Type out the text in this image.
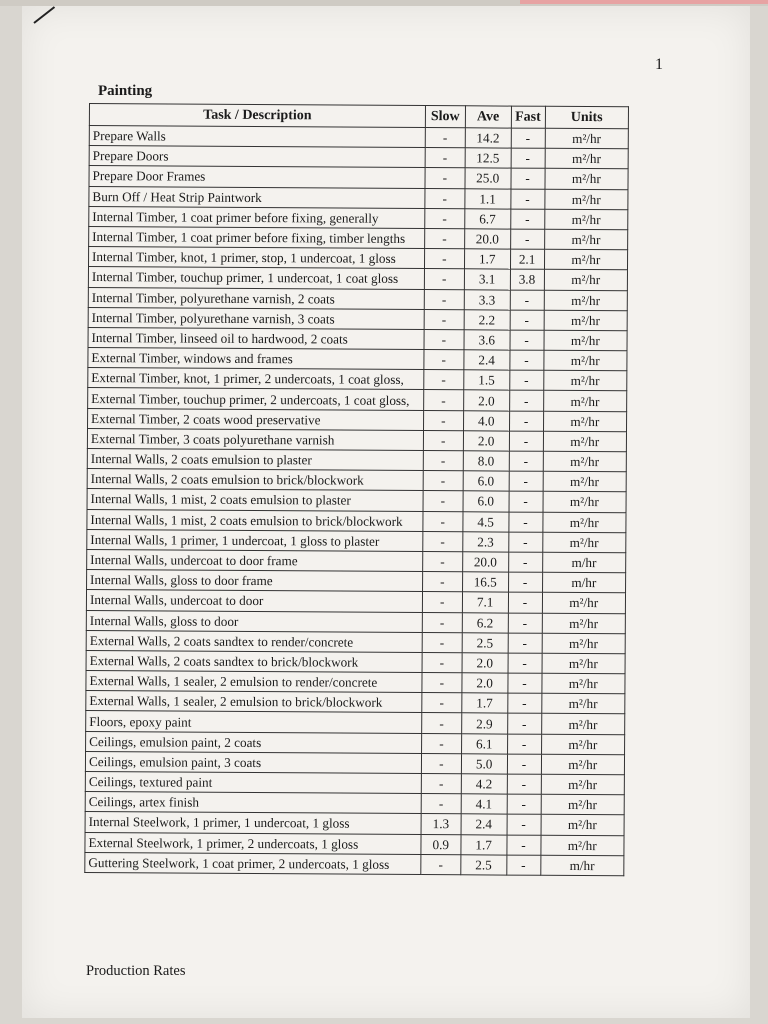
1
Painting
Task / Description	Slow	Ave	Fast	Units
Prepare Walls	-	14.2	-	m²/hr
Prepare Doors	-	12.5	-	m²/hr
Prepare Door Frames	-	25.0	-	m²/hr
Burn Off / Heat Strip Paintwork	-	1.1	-	m²/hr
Internal Timber, 1 coat primer before fixing, generally	-	6.7	-	m²/hr
Internal Timber, 1 coat primer before fixing, timber lengths	-	20.0	-	m²/hr
Internal Timber, knot, 1 primer, stop, 1 undercoat, 1 gloss	-	1.7	2.1	m²/hr
Internal Timber, touchup primer, 1 undercoat, 1 coat gloss	-	3.1	3.8	m²/hr
Internal Timber, polyurethane varnish, 2 coats	-	3.3	-	m²/hr
Internal Timber, polyurethane varnish, 3 coats	-	2.2	-	m²/hr
Internal Timber, linseed oil to hardwood, 2 coats	-	3.6	-	m²/hr
External Timber, windows and frames	-	2.4	-	m²/hr
External Timber, knot, 1 primer, 2 undercoats, 1 coat gloss,	-	1.5	-	m²/hr
External Timber, touchup primer, 2 undercoats, 1 coat gloss,	-	2.0	-	m²/hr
External Timber, 2 coats wood preservative	-	4.0	-	m²/hr
External Timber, 3 coats polyurethane varnish	-	2.0	-	m²/hr
Internal Walls, 2 coats emulsion to plaster	-	8.0	-	m²/hr
Internal Walls, 2 coats emulsion to brick/blockwork	-	6.0	-	m²/hr
Internal Walls, 1 mist, 2 coats emulsion to plaster	-	6.0	-	m²/hr
Internal Walls, 1 mist, 2 coats emulsion to brick/blockwork	-	4.5	-	m²/hr
Internal Walls, 1 primer, 1 undercoat, 1 gloss to plaster	-	2.3	-	m²/hr
Internal Walls, undercoat to door frame	-	20.0	-	m/hr
Internal Walls, gloss to door frame	-	16.5	-	m/hr
Internal Walls, undercoat to door	-	7.1	-	m²/hr
Internal Walls, gloss to door	-	6.2	-	m²/hr
External Walls, 2 coats sandtex to render/concrete	-	2.5	-	m²/hr
External Walls, 2 coats sandtex to brick/blockwork	-	2.0	-	m²/hr
External Walls, 1 sealer, 2 emulsion to render/concrete	-	2.0	-	m²/hr
External Walls, 1 sealer, 2 emulsion to brick/blockwork	-	1.7	-	m²/hr
Floors, epoxy paint	-	2.9	-	m²/hr
Ceilings, emulsion paint, 2 coats	-	6.1	-	m²/hr
Ceilings, emulsion paint, 3 coats	-	5.0	-	m²/hr
Ceilings, textured paint	-	4.2	-	m²/hr
Ceilings, artex finish	-	4.1	-	m²/hr
Internal Steelwork, 1 primer, 1 undercoat, 1 gloss	1.3	2.4	-	m²/hr
External Steelwork, 1 primer, 2 undercoats, 1 gloss	0.9	1.7	-	m²/hr
Guttering Steelwork, 1 coat primer, 2 undercoats, 1 gloss	-	2.5	-	m/hr
Production Rates
